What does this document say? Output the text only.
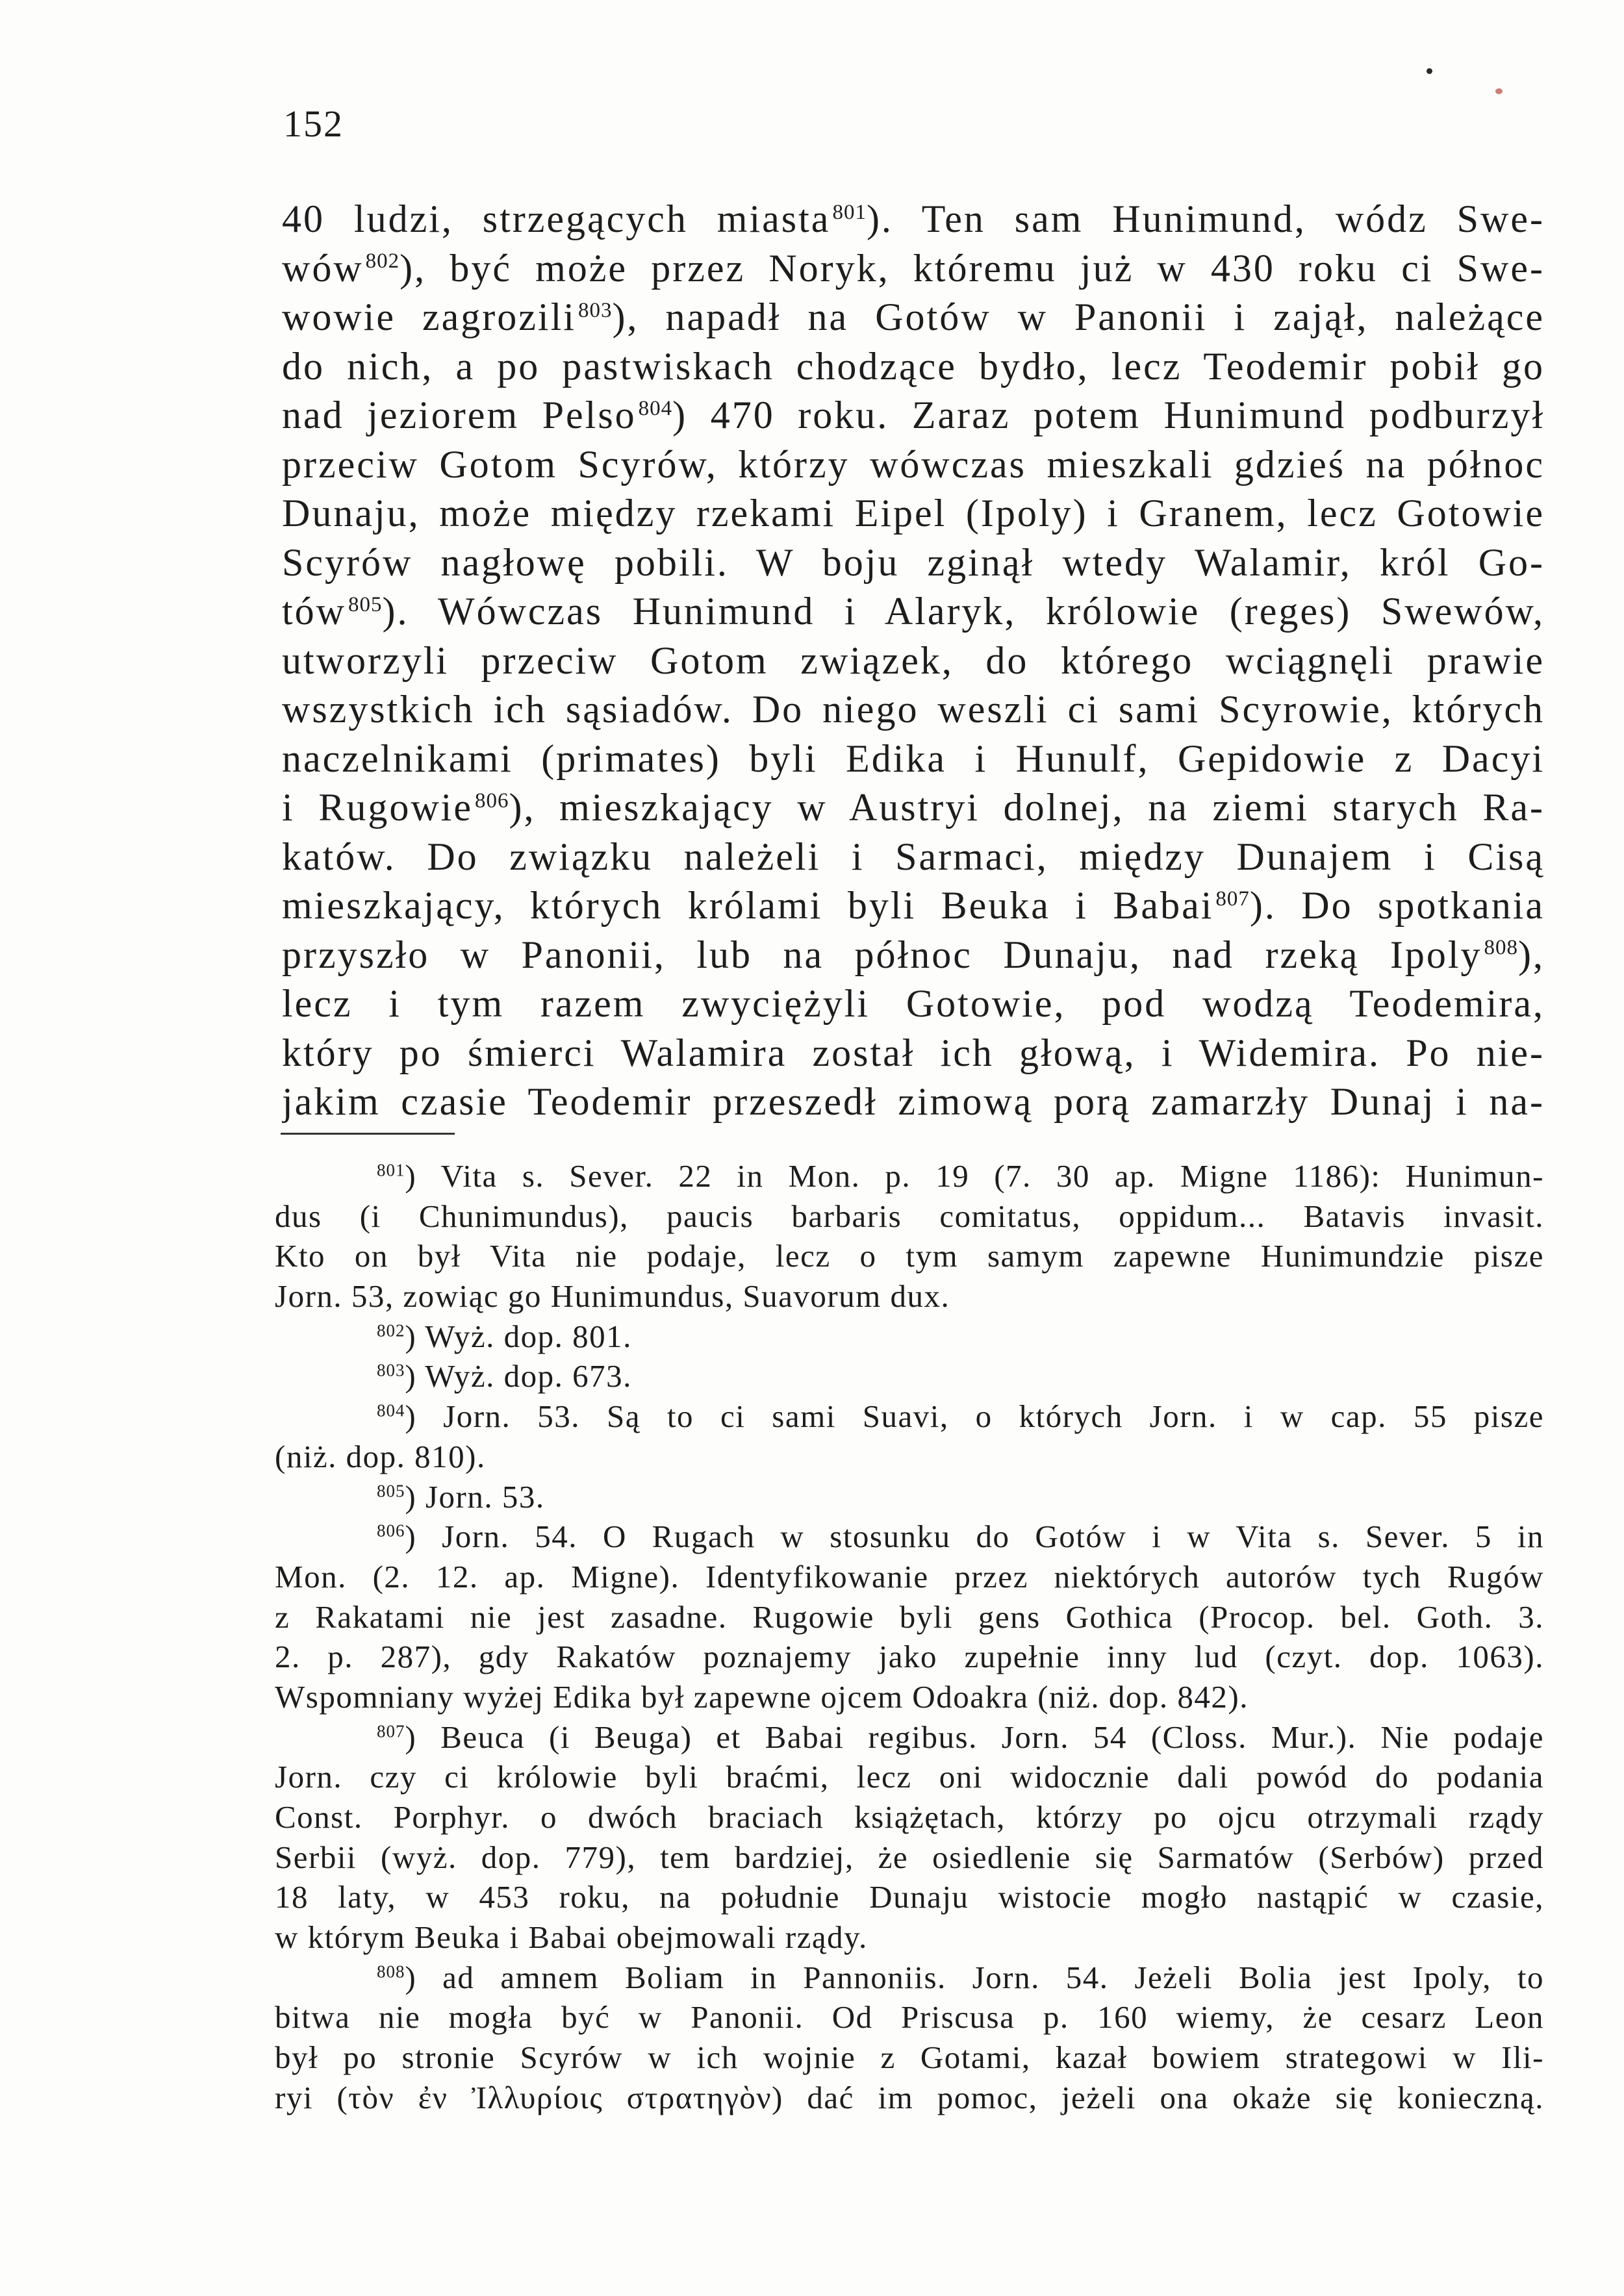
152
40 ludzi, strzegących miasta$^{801}$). Ten sam Hunimund, wódz Swe-
wów$^{802}$), być może przez Noryk, któremu już w 430 roku ci Swe-
wowie zagrozili$^{803}$), napadł na Gotów w Panonii i zajął, należące
do nich, a po pastwiskach chodzące bydło, lecz Teodemir pobił go
nad jeziorem Pelso$^{804}$) 470 roku. Zaraz potem Hunimund podburzył
przeciw Gotom Scyrów, którzy wówczas mieszkali gdzieś na północ
Dunaju, może między rzekami Eipel (Ipoly) i Granem, lecz Gotowie
Scyrów nagłowę pobili. W boju zginął wtedy Walamir, król Go-
tów$^{805}$). Wówczas Hunimund i Alaryk, królowie (reges) Swewów,
utworzyli przeciw Gotom związek, do którego wciągnęli prawie
wszystkich ich sąsiadów. Do niego weszli ci sami Scyrowie, których
naczelnikami (primates) byli Edika i Hunulf, Gepidowie z Dacyi
i Rugowie$^{806}$), mieszkający w Austryi dolnej, na ziemi starych Ra-
katów. Do związku należeli i Sarmaci, między Dunajem i Cisą
mieszkający, których królami byli Beuka i Babai$^{807}$). Do spotkania
przyszło w Panonii, lub na północ Dunaju, nad rzeką Ipoly$^{808}$),
lecz i tym razem zwyciężyli Gotowie, pod wodzą Teodemira,
który po śmierci Walamira został ich głową, i Widemira. Po nie-
jakim czasie Teodemir przeszedł zimową porą zamarzły Dunaj i na-
$^{801}$) Vita s. Sever. 22 in Mon. p. 19 (7. 30 ap. Migne 1186): Hunimun-
dus (i Chunimundus), paucis barbaris comitatus, oppidum... Batavis invasit.
Kto on był Vita nie podaje, lecz o tym samym zapewne Hunimundzie pisze
Jorn. 53, zowiąc go Hunimundus, Suavorum dux.
$^{802}$) Wyż. dop. 801.
$^{803}$) Wyż. dop. 673.
$^{804}$) Jorn. 53. Są to ci sami Suavi, o których Jorn. i w cap. 55 pisze
(niż. dop. 810).
$^{805}$) Jorn. 53.
$^{806}$) Jorn. 54. O Rugach w stosunku do Gotów i w Vita s. Sever. 5 in
Mon. (2. 12. ap. Migne). Identyfikowanie przez niektórych autorów tych Rugów
z Rakatami nie jest zasadne. Rugowie byli gens Gothica (Procop. bel. Goth. 3.
2. p. 287), gdy Rakatów poznajemy jako zupełnie inny lud (czyt. dop. 1063).
Wspomniany wyżej Edika był zapewne ojcem Odoakra (niż. dop. 842).
$^{807}$) Beuca (i Beuga) et Babai regibus. Jorn. 54 (Closs. Mur.). Nie podaje
Jorn. czy ci królowie byli braćmi, lecz oni widocznie dali powód do podania
Const. Porphyr. o dwóch braciach książętach, którzy po ojcu otrzymali rządy
Serbii (wyż. dop. 779), tem bardziej, że osiedlenie się Sarmatów (Serbów) przed
18 laty, w 453 roku, na południe Dunaju wistocie mogło nastąpić w czasie,
w którym Beuka i Babai obejmowali rządy.
$^{808}$) ad amnem Boliam in Pannoniis. Jorn. 54. Jeżeli Bolia jest Ipoly, to
bitwa nie mogła być w Panonii. Od Priscusa p. 160 wiemy, że cesarz Leon
był po stronie Scyrów w ich wojnie z Gotami, kazał bowiem strategowi w Ili-
ryi (τὸν ἐν Ἰλλυρίοις στρατηγὸν) dać im pomoc, jeżeli ona okaże się konieczną.
